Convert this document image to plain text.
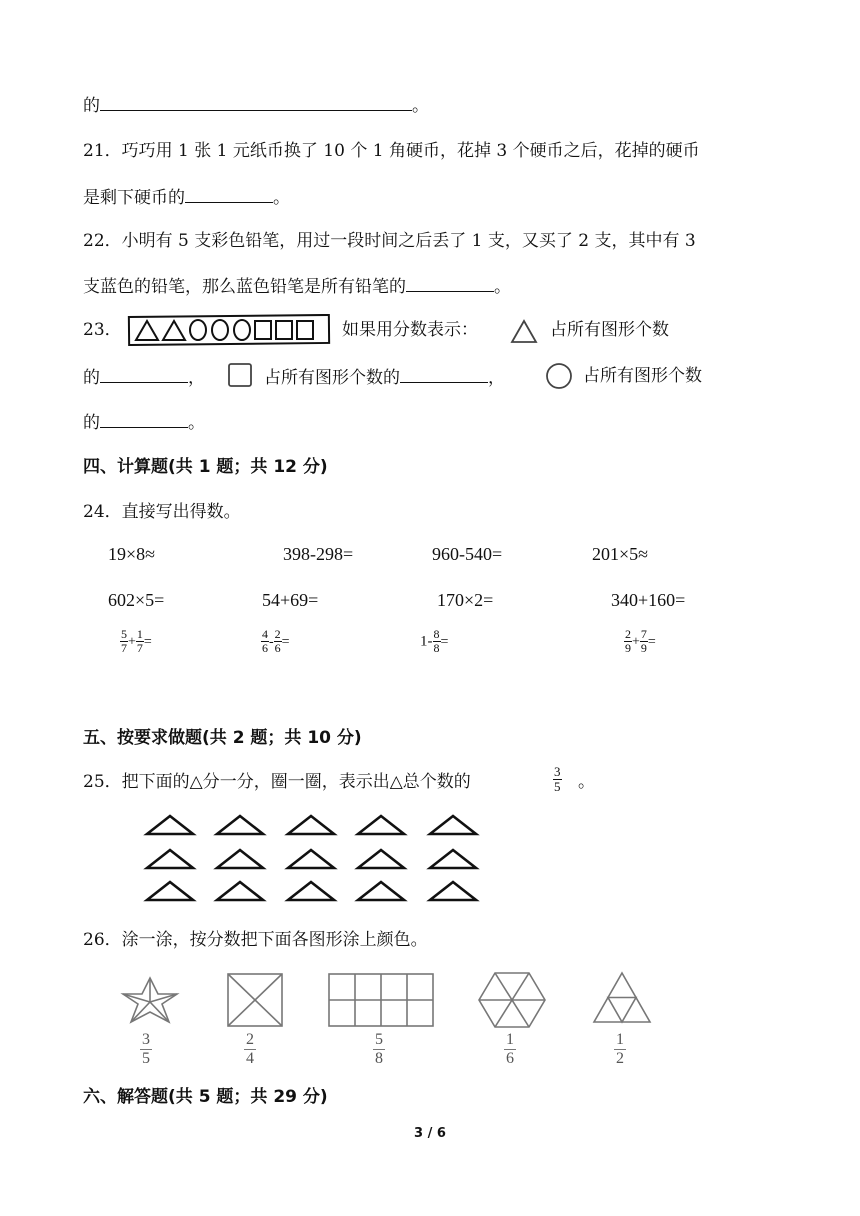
的	。
21．巧巧用 1 张 1 元纸币换了 10 个 1 角硬币，花掉 3 个硬币之后，花掉的硬币
是剩下硬币的	。
22．小明有 5 支彩色铅笔，用过一段时间之后丢了 1 支，又买了 2 支，其中有 3
支蓝色的铅笔，那么蓝色铅笔是所有铅笔的	。
23．	如果用分数表示：	占所有图形个数
的	，	占所有图形个数的	，	占所有图形个数
的	。
四、计算题(共 1 题；共 12 分)
24．直接写出得数。
19×8≈	398-298=	960-540=	201×5≈
602×5=	54+69=	170×2=	340+160=
$\frac{5}{7} + \frac{1}{7}$ =	$\frac{4}{6} - \frac{2}{6}$ =	$1- \frac{8}{8}$ =	$\frac{2}{9} + \frac{7}{9}$ =
五、按要求做题(共 2 题；共 10 分)
25．把下面的△分一分，圈一圈，表示出△总个数的	$\frac{3}{5}$ 。
26．涂一涂，按分数把下面各图形涂上颜色。
3
5
2
4
5
8
1
6
1
2
六、解答题(共 5 题；共 29 分)
3 / 6
